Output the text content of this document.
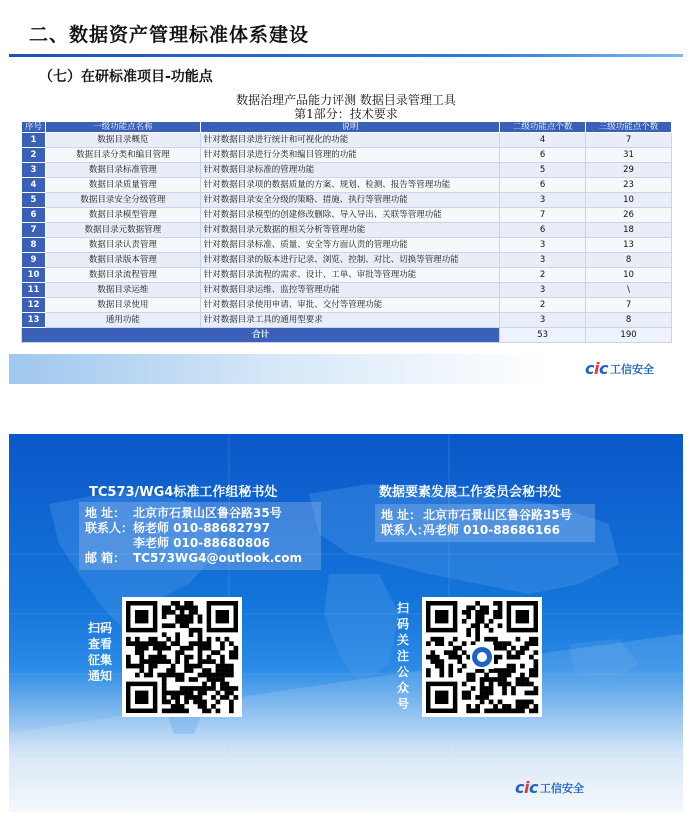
二、数据资产管理标准体系建设
（七）在研标准项目-功能点
数据治理产品能力评测 数据目录管理工具
第1部分：技术要求
序号	一级功能点名称	说明	二级功能点个数	三级功能点个数
1	数据目录概览	针对数据目录进行统计和可视化的功能	4	7
2	数据目录分类和编目管理	针对数据目录进行分类和编目管理的功能	6	31
3	数据目录标准管理	针对数据目录标准的管理功能	5	29
4	数据目录质量管理	针对数据目录项的数据质量的方案、规划、检测、报告等管理功能	6	23
5	数据目录安全分级管理	针对数据目录安全分级的策略、措施、执行等管理功能	3	10
6	数据目录模型管理	针对数据目录模型的创建修改删除、导入导出、关联等管理功能	7	26
7	数据目录元数据管理	针对数据目录元数据的相关分析等管理功能	6	18
8	数据目录认责管理	针对数据目录标准、质量、安全等方面认责的管理功能	3	13
9	数据目录版本管理	针对数据目录的版本进行记录、浏览、控制、对比、切换等管理功能	3	8
10	数据目录流程管理	针对数据目录流程的需求、设计、工单、审批等管理功能	2	10
11	数据目录运维	针对数据目录运维、监控等管理功能	3	\
12	数据目录使用	针对数据目录使用申请、审批、交付等管理功能	2	7
13	通用功能	针对数据目录工具的通用型要求	3	8
合计			53	190
cic 工信安全
TC573/WG4标准工作组秘书处
地 址： 北京市石景山区鲁谷路35号
联系人： 杨老师 010-88682797
李老师 010-88680806
邮 箱： TC573WG4@outlook.com
数据要素发展工作委员会秘书处
地 址： 北京市石景山区鲁谷路35号
联系人：
冯老师 010-88686166
扫码
查看
征集
通知
扫
码
关
注
公
众
号
cic 工信安全
